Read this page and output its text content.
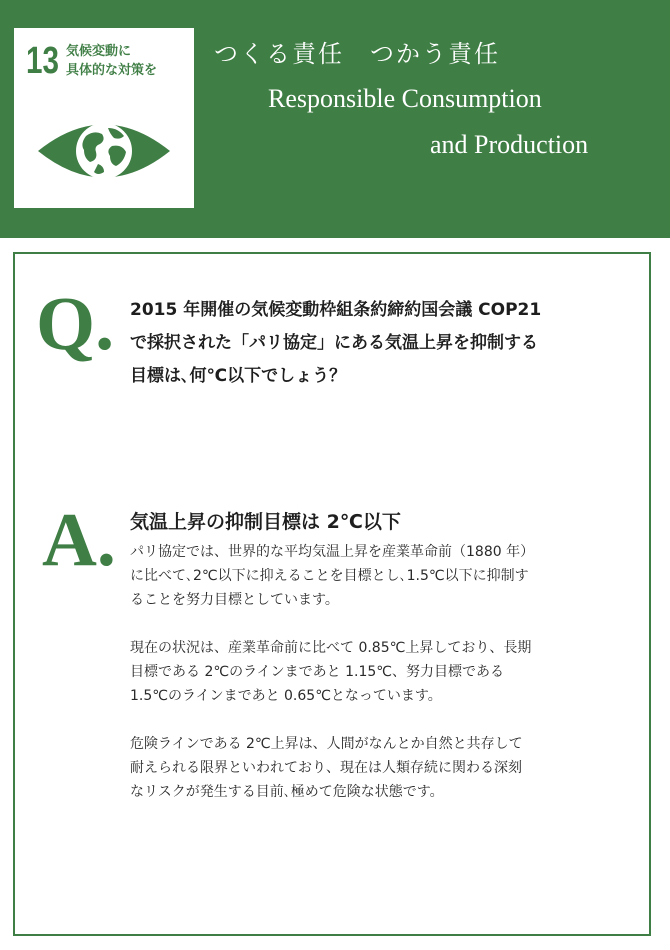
13 気候変動に
具体的な対策を
つくる責任　つかう責任
Responsible Consumption
and Production
Q. 2015 年開催の気候変動枠組条約締約国会議 COP21
で採択された「パリ協定」にある気温上昇を抑制する
目標は､何℃以下でしょう？
A. 気温上昇の抑制目標は 2℃以下

パリ協定では、世界的な平均気温上昇を産業革命前（1880 年）
に比べて､2℃以下に抑えることを目標とし､1.5℃以下に抑制す
ることを努力目標としています。

現在の状況は、産業革命前に比べて 0.85℃上昇しており、長期
目標である 2℃のラインまであと 1.15℃、努力目標である
1.5℃のラインまであと 0.65℃となっています。

危険ラインである 2℃上昇は、人間がなんとか自然と共存して
耐えられる限界といわれており、現在は人類存続に関わる深刻
なリスクが発生する目前､極めて危険な状態です。
